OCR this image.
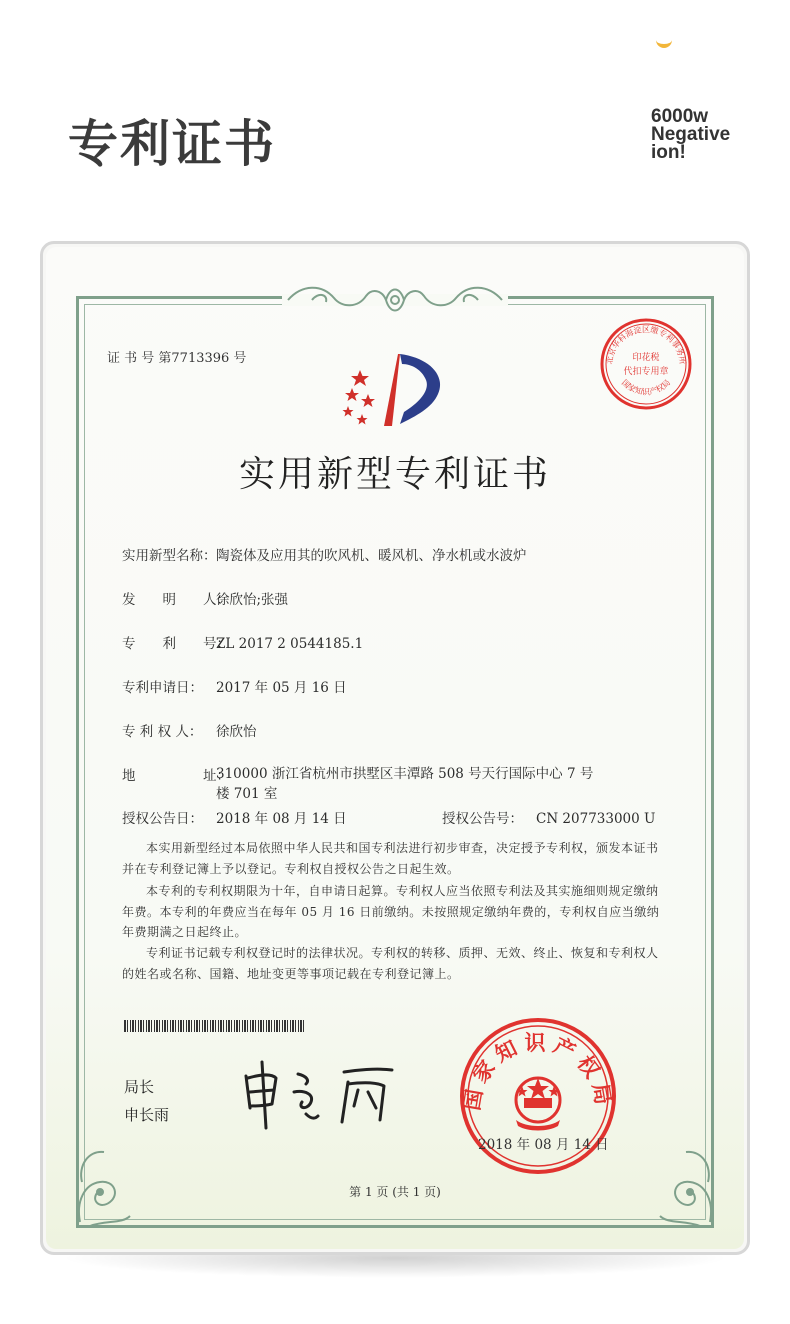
专利证书	6000w
Negative
ion!
证 书 号 第7713396 号	印花税
代扣专用章
北京华科海淀区缴专利事务所
国家知识产权局
实用新型专利证书
实用新型名称：陶瓷体及应用其的吹风机、暖风机、净水机或水波炉
发　　明　　人：徐欣怡;张强
专　　利　　号：ZL 2017 2 0544185.1
专利申请日： 2017 年 05 月 16 日
专 利 权 人： 徐欣怡
地　　　　　址：
310000 浙江省杭州市拱墅区丰潭路 508 号天行国际中心 7 号楼 701 室
授权公告日： 2018 年 08 月 14 日	授权公告号： CN 207733000 U
本实用新型经过本局依照中华人民共和国专利法进行初步审查，决定授予专利权，颁发本证书并在专利登记簿上予以登记。专利权自授权公告之日起生效。
本专利的专利权期限为十年，自申请日起算。专利权人应当依照专利法及其实施细则规定缴纳年费。本专利的年费应当在每年 05 月 16 日前缴纳。未按照规定缴纳年费的，专利权自应当缴纳年费期满之日起终止。
专利证书记载专利权登记时的法律状况。专利权的转移、质押、无效、终止、恢复和专利权人的姓名或名称、国籍、地址变更等事项记载在专利登记簿上。
局长
申长雨
国家知识产权局
2018 年 08 月 14 日
第 1 页 (共 1 页)
